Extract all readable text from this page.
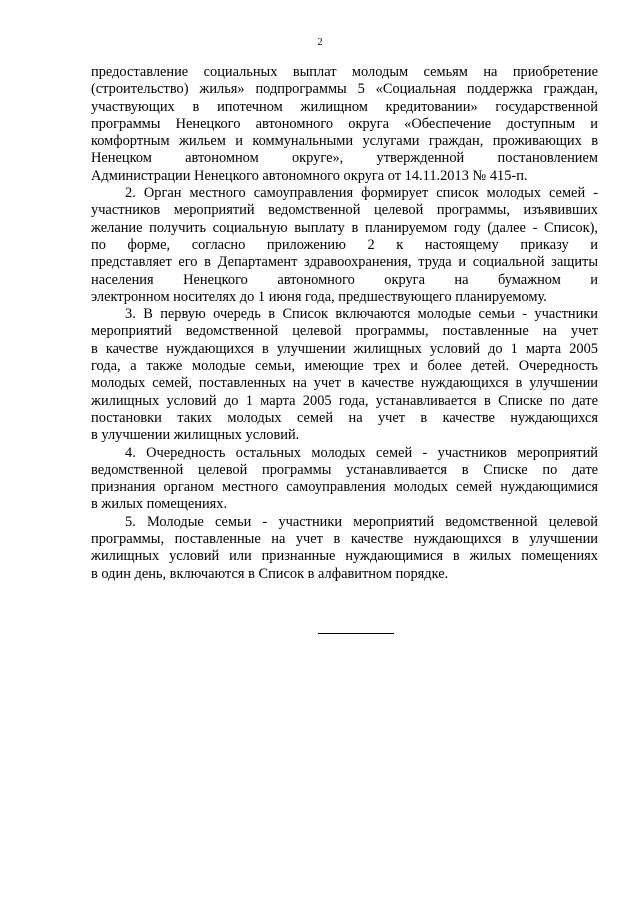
2

предоставление социальных выплат молодым семьям на приобретение
(строительство) жилья» подпрограммы 5 «Социальная поддержка граждан,
участвующих в ипотечном жилищном кредитовании» государственной
программы Ненецкого автономного округа «Обеспечение доступным и
комфортным жильем и коммунальными услугами граждан, проживающих в
Ненецком автономном округе», утвержденной постановлением
Администрации Ненецкого автономного округа от 14.11.2013 № 415-п.

2. Орган местного самоуправления формирует список молодых семей -
участников мероприятий ведомственной целевой программы, изъявивших
желание получить социальную выплату в планируемом году (далее - Список),
по форме, согласно приложению 2 к настоящему приказу и
представляет его в Департамент здравоохранения, труда и социальной защиты
населения Ненецкого автономного округа на бумажном и
электронном носителях до 1 июня года, предшествующего планируемому.

3. В первую очередь в Список включаются молодые семьи - участники
мероприятий ведомственной целевой программы, поставленные на учет
в качестве нуждающихся в улучшении жилищных условий до 1 марта 2005
года, а также молодые семьи, имеющие трех и более детей. Очередность
молодых семей, поставленных на учет в качестве нуждающихся в улучшении
жилищных условий до 1 марта 2005 года, устанавливается в Списке по дате
постановки таких молодых семей на учет в качестве нуждающихся
в улучшении жилищных условий.

4. Очередность остальных молодых семей - участников мероприятий
ведомственной целевой программы устанавливается в Списке по дате
признания органом местного самоуправления молодых семей нуждающимися
в жилых помещениях.

5. Молодые семьи - участники мероприятий ведомственной целевой
программы, поставленные на учет в качестве нуждающихся в улучшении
жилищных условий или признанные нуждающимися в жилых помещениях
в один день, включаются в Список в алфавитном порядке.
